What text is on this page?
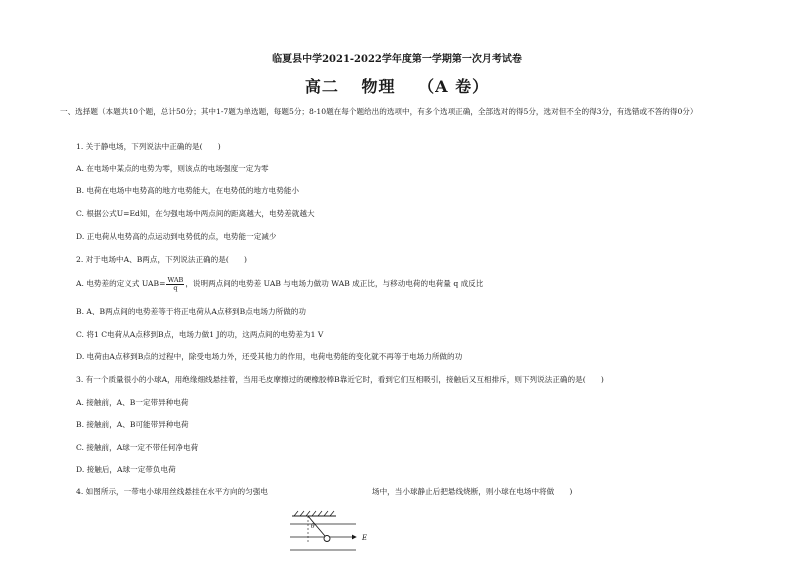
临夏县中学2021-2022学年度第一学期第一次月考试卷
高二 物理 （A 卷）
一、选择题（本题共10个题，总计50分；其中1-7题为单选题，每题5分；8-10题在每个题给出的选项中，有多个选项正确，全部选对的得5分，选对但不全的得3分，有选错或不答的得0分）
1. 关于静电场，下列说法中正确的是(　　)
A. 在电场中某点的电势为零，则该点的电场强度一定为零
B. 电荷在电场中电势高的地方电势能大，在电势低的地方电势能小
C. 根据公式U=Ed知，在匀强电场中两点间的距离越大，电势差就越大
D. 正电荷从电势高的点运动到电势低的点，电势能一定减少
2. 对于电场中A、B两点，下列说法正确的是(　　)
A. 电势差的定义式 $UAB= \frac{\text{WAB}}{q}$ ，说明两点间的电势差 UAB 与电场力做功 WAB 成正比，与移动电荷的电荷量 q 成反比
B. A、B两点间的电势差等于将正电荷从A点移到B点电场力所做的功
C. 将1 C电荷从A点移到B点，电场力做1 J的功，这两点间的电势差为1 V
D. 电荷由A点移到B点的过程中，除受电场力外，还受其他力的作用，电荷电势能的变化就不再等于电场力所做的功
3. 有一个质量很小的小球A，用绝缘细线悬挂着，当用毛皮摩擦过的硬橡胶棒B靠近它时，看到它们互相吸引，接触后又互相排斥，则下列说法正确的是(　　)
A. 接触前，A、B一定带异种电荷
B. 接触前，A、B可能带异种电荷
C. 接触前，A球一定不带任何净电荷
D. 接触后，A球一定带负电荷
4. 如图所示，一带电小球用丝线悬挂在水平方向的匀强电	场中，当小球静止后把悬线烧断，则小球在电场中将做　　)
θ
E
